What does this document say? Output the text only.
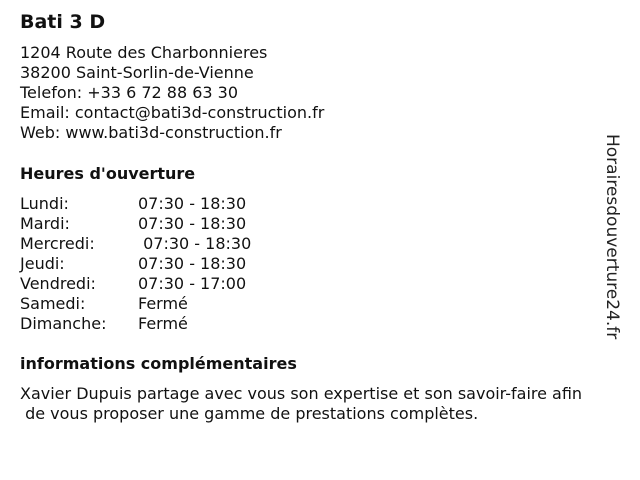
Bati 3 D
1204 Route des Charbonnieres
38200 Saint-Sorlin-de-Vienne
Telefon: +33 6 72 88 63 30
Email: contact@bati3d-construction.fr
Web: www.bati3d-construction.fr
Heures d'ouverture
Lundi:	07:30 - 18:30
Mardi:	07:30 - 18:30
Mercredi:	07:30 - 18:30
Jeudi:	07:30 - 18:30
Vendredi:	07:30 - 17:00
Samedi:	Fermé
Dimanche:	Fermé
informations complémentaires
Xavier Dupuis partage avec vous son expertise et son savoir-faire afin
de vous proposer une gamme de prestations complètes.
Horairesdouverture24.fr
